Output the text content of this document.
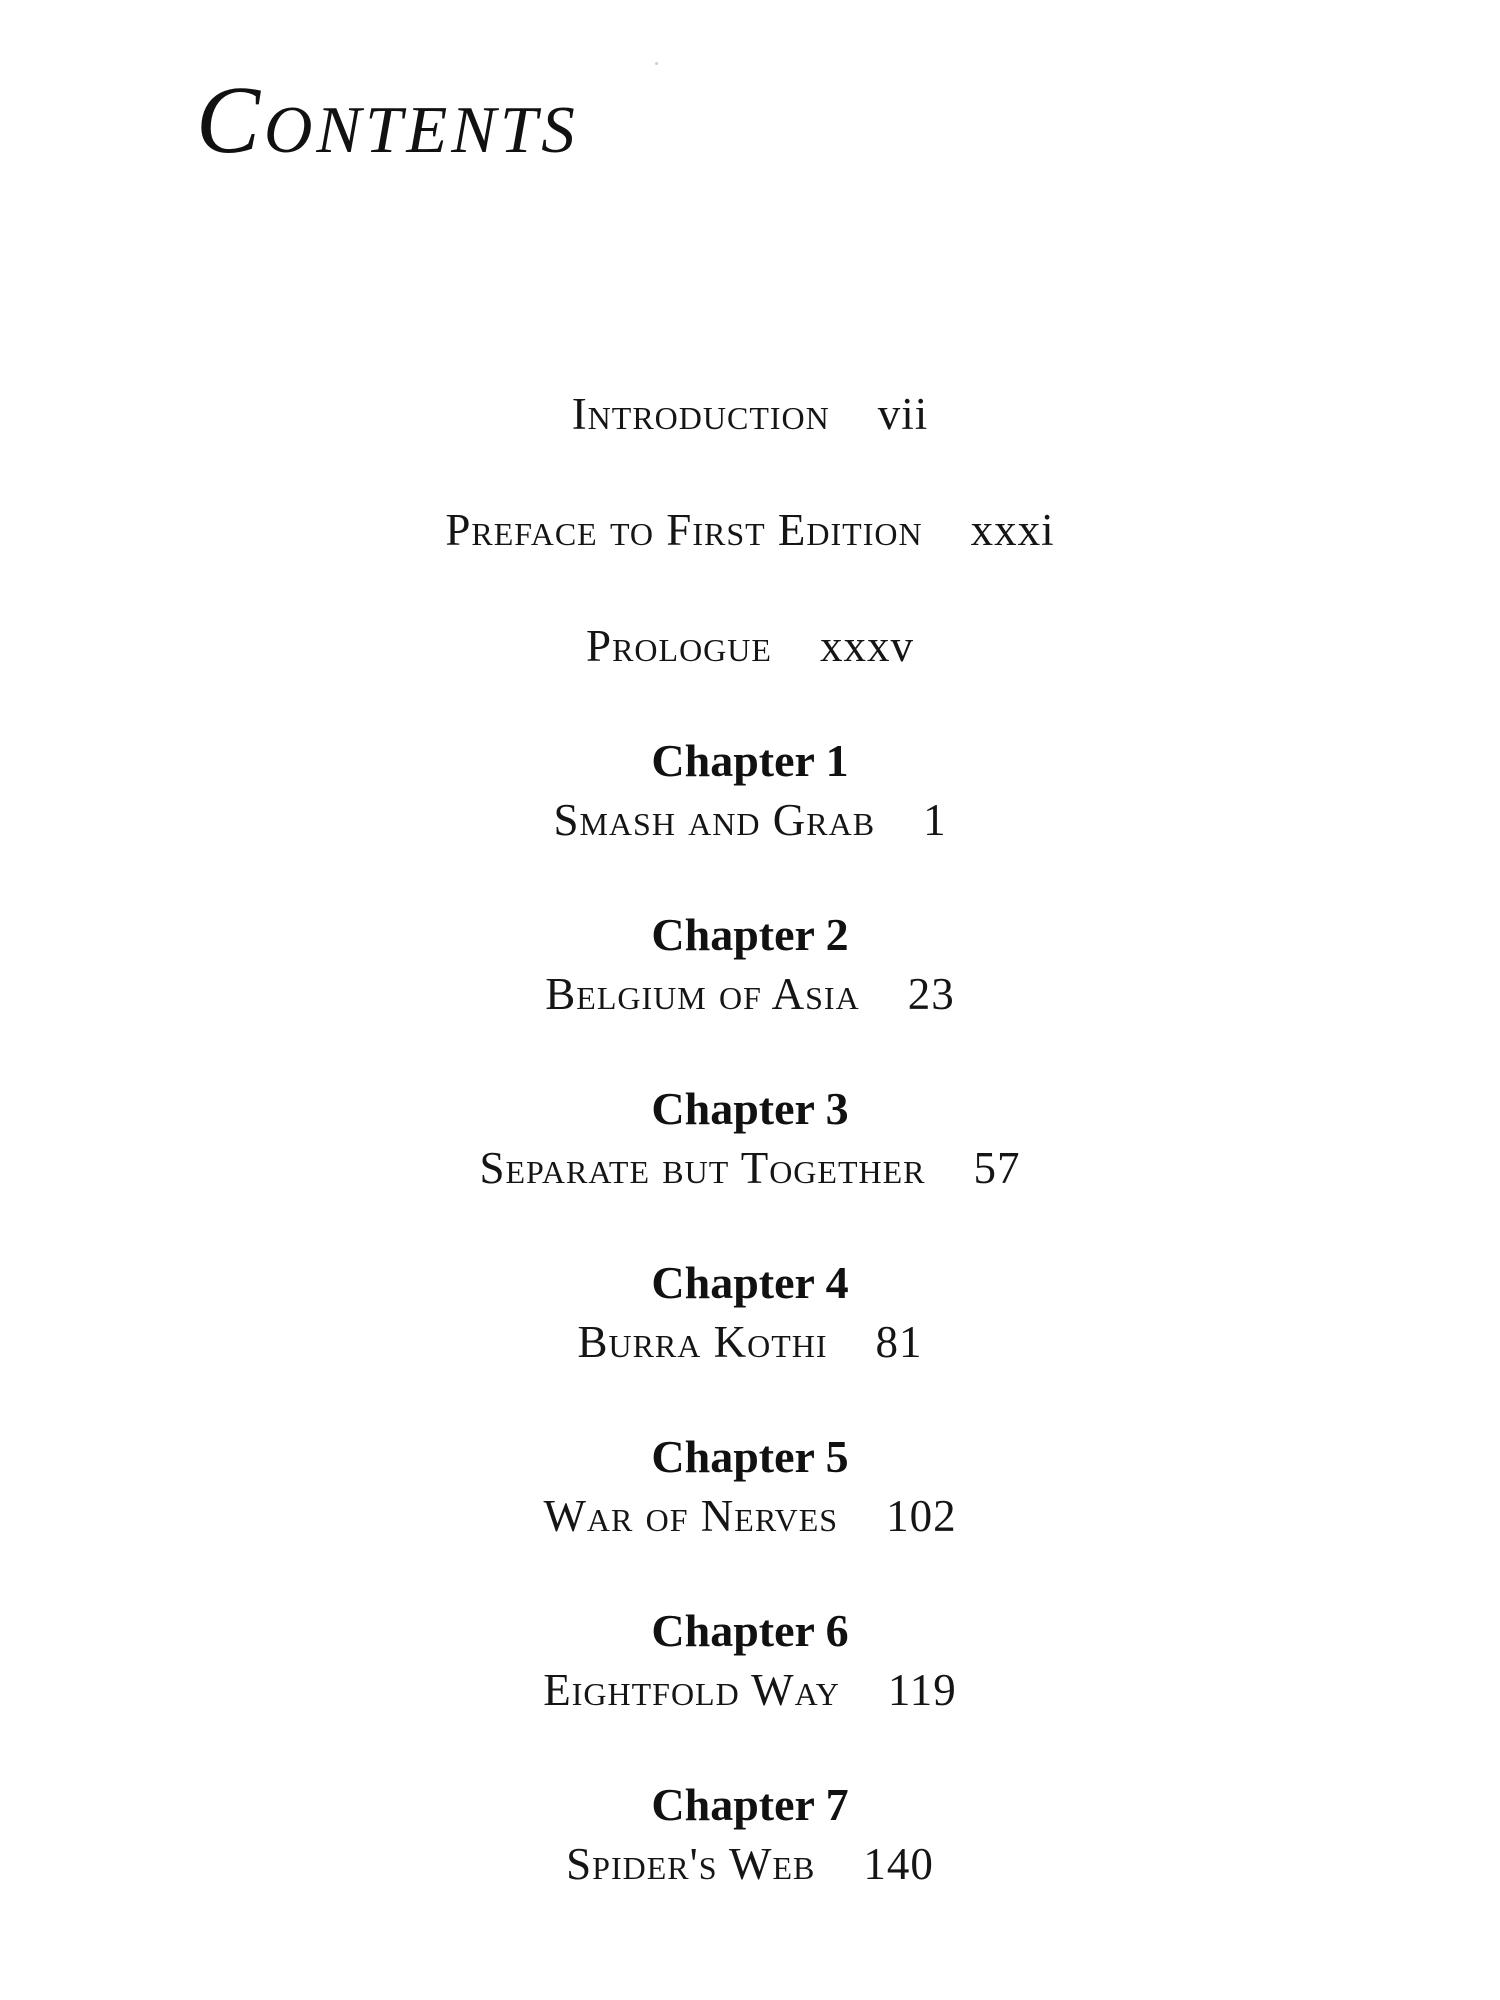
Contents
Introduction vii
Preface to First Edition xxxi
Prologue xxxv
Chapter 1
Smash and Grab 1
Chapter 2
Belgium of Asia 23
Chapter 3
Separate but Together 57
Chapter 4
Burra Kothi 81
Chapter 5
War of Nerves 102
Chapter 6
Eightfold Way 119
Chapter 7
Spider's Web 140
